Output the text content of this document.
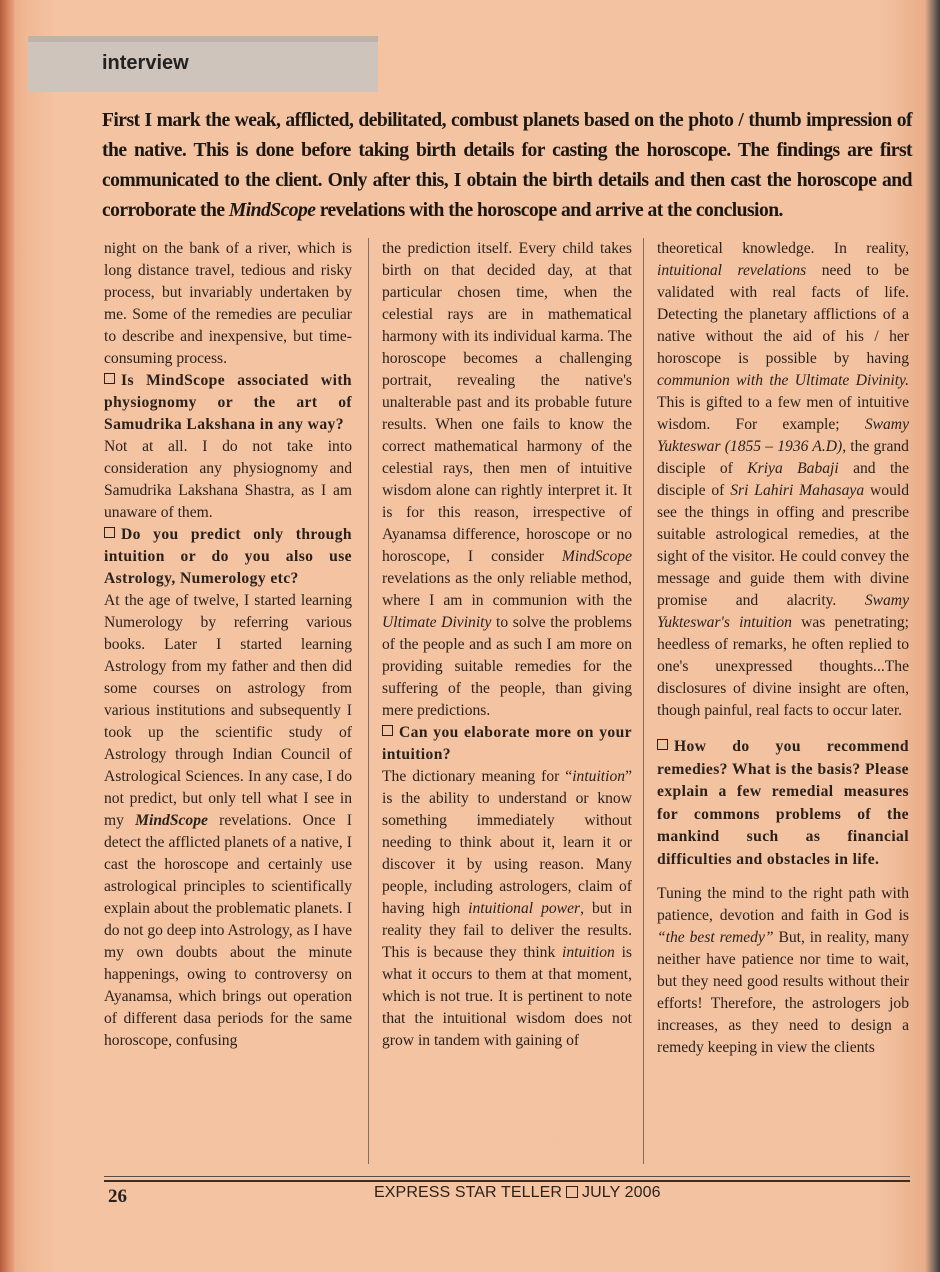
interview
First I mark the weak, afflicted, debilitated, combust planets based on the photo / thumb impression of the native. This is done before taking birth details for casting the horoscope. The findings are first communicated to the client. Only after this, I obtain the birth details and then cast the horoscope and corroborate the MindScope revelations with the horoscope and arrive at the conclusion.

night on the bank of a river, which is long distance travel, tedious and risky process, but invariably undertaken by me. Some of the remedies are peculiar to describe and inexpensive, but time-consuming process.

Is MindScope associated with physiognomy or the art of Samudrika Lakshana in any way?

Not at all. I do not take into consideration any physiognomy and Samudrika Lakshana Shastra, as I am unaware of them.

Do you predict only through intuition or do you also use Astrology, Numerology etc?

At the age of twelve, I started learning Numerology by referring various books. Later I started learning Astrology from my father and then did some courses on astrology from various institutions and subsequently I took up the scientific study of Astrology through Indian Council of Astrological Sciences. In any case, I do not predict, but only tell what I see in my MindScope revelations. Once I detect the afflicted planets of a native, I cast the horoscope and certainly use astrological principles to scientifically explain about the problematic planets. I do not go deep into Astrology, as I have my own doubts about the minute happenings, owing to controversy on Ayanamsa, which brings out operation of different dasa periods for the same horoscope, confusing

the prediction itself. Every child takes birth on that decided day, at that particular chosen time, when the celestial rays are in mathematical harmony with its individual karma. The horoscope becomes a challenging portrait, revealing the native's unalterable past and its probable future results. When one fails to know the correct mathematical harmony of the celestial rays, then men of intuitive wisdom alone can rightly interpret it. It is for this reason, irrespective of Ayanamsa difference, horoscope or no horoscope, I consider MindScope revelations as the only reliable method, where I am in communion with the Ultimate Divinity to solve the problems of the people and as such I am more on providing suitable remedies for the suffering of the people, than giving mere predictions.

Can you elaborate more on your intuition?

The dictionary meaning for “intuition” is the ability to understand or know something immediately without needing to think about it, learn it or discover it by using reason. Many people, including astrologers, claim of having high intuitional power, but in reality they fail to deliver the results. This is because they think intuition is what it occurs to them at that moment, which is not true. It is pertinent to note that the intuitional wisdom does not grow in tandem with gaining of

theoretical knowledge. In reality, intuitional revelations need to be validated with real facts of life. Detecting the planetary afflictions of a native without the aid of his / her horoscope is possible by having communion with the Ultimate Divinity. This is gifted to a few men of intuitive wisdom. For example; Swamy Yukteswar (1855 – 1936 A.D), the grand disciple of Kriya Babaji and the disciple of Sri Lahiri Mahasaya would see the things in offing and prescribe suitable astrological remedies, at the sight of the visitor. He could convey the message and guide them with divine promise and alacrity. Swamy Yukteswar's intuition was penetrating; heedless of remarks, he often replied to one's unexpressed thoughts...The disclosures of divine insight are often, though painful, real facts to occur later.

How do you recommend remedies? What is the basis? Please explain a few remedial measures for commons problems of the mankind such as financial difficulties and obstacles in life.

Tuning the mind to the right path with patience, devotion and faith in God is “the best remedy” But, in reality, many neither have patience nor time to wait, but they need good results without their efforts! Therefore, the astrologers job increases, as they need to design a remedy keeping in view the clients

26	EXPRESS STAR TELLER JULY 2006
